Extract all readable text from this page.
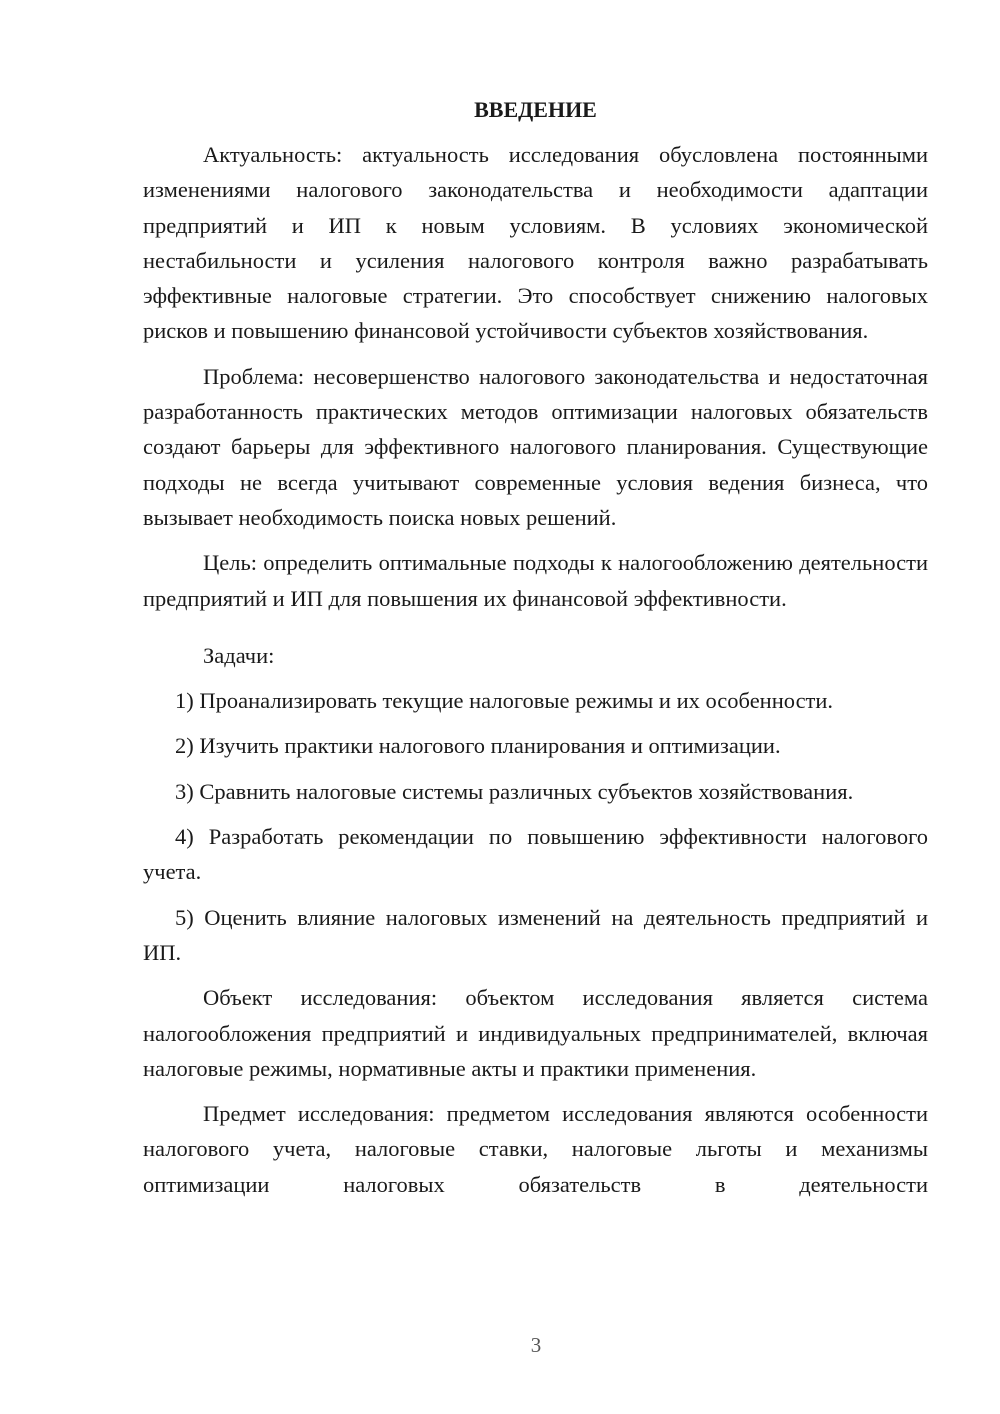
ВВЕДЕНИЕ

Актуальность: актуальность исследования обусловлена постоянными изменениями налогового законодательства и необходимости адаптации предприятий и ИП к новым условиям. В условиях экономической нестабильности и усиления налогового контроля важно разрабатывать эффективные налоговые стратегии. Это способствует снижению налоговых рисков и повышению финансовой устойчивости субъектов хозяйствования.

Проблема: несовершенство налогового законодательства и недостаточная разработанность практических методов оптимизации налоговых обязательств создают барьеры для эффективного налогового планирования. Существующие подходы не всегда учитывают современные условия ведения бизнеса, что вызывает необходимость поиска новых решений.

Цель: определить оптимальные подходы к налогообложению деятельности предприятий и ИП для повышения их финансовой эффективности.

Задачи:

1) Проанализировать текущие налоговые режимы и их особенности.

2) Изучить практики налогового планирования и оптимизации.

3) Сравнить налоговые системы различных субъектов хозяйствования.

4) Разработать рекомендации по повышению эффективности налогового учета.

5) Оценить влияние налоговых изменений на деятельность предприятий и ИП.

Объект исследования: объектом исследования является система налогообложения предприятий и индивидуальных предпринимателей, включая налоговые режимы, нормативные акты и практики применения.

Предмет исследования: предметом исследования являются особенности налогового учета, налоговые ставки, налоговые льготы и механизмы оптимизации налоговых обязательств в деятельности

3
